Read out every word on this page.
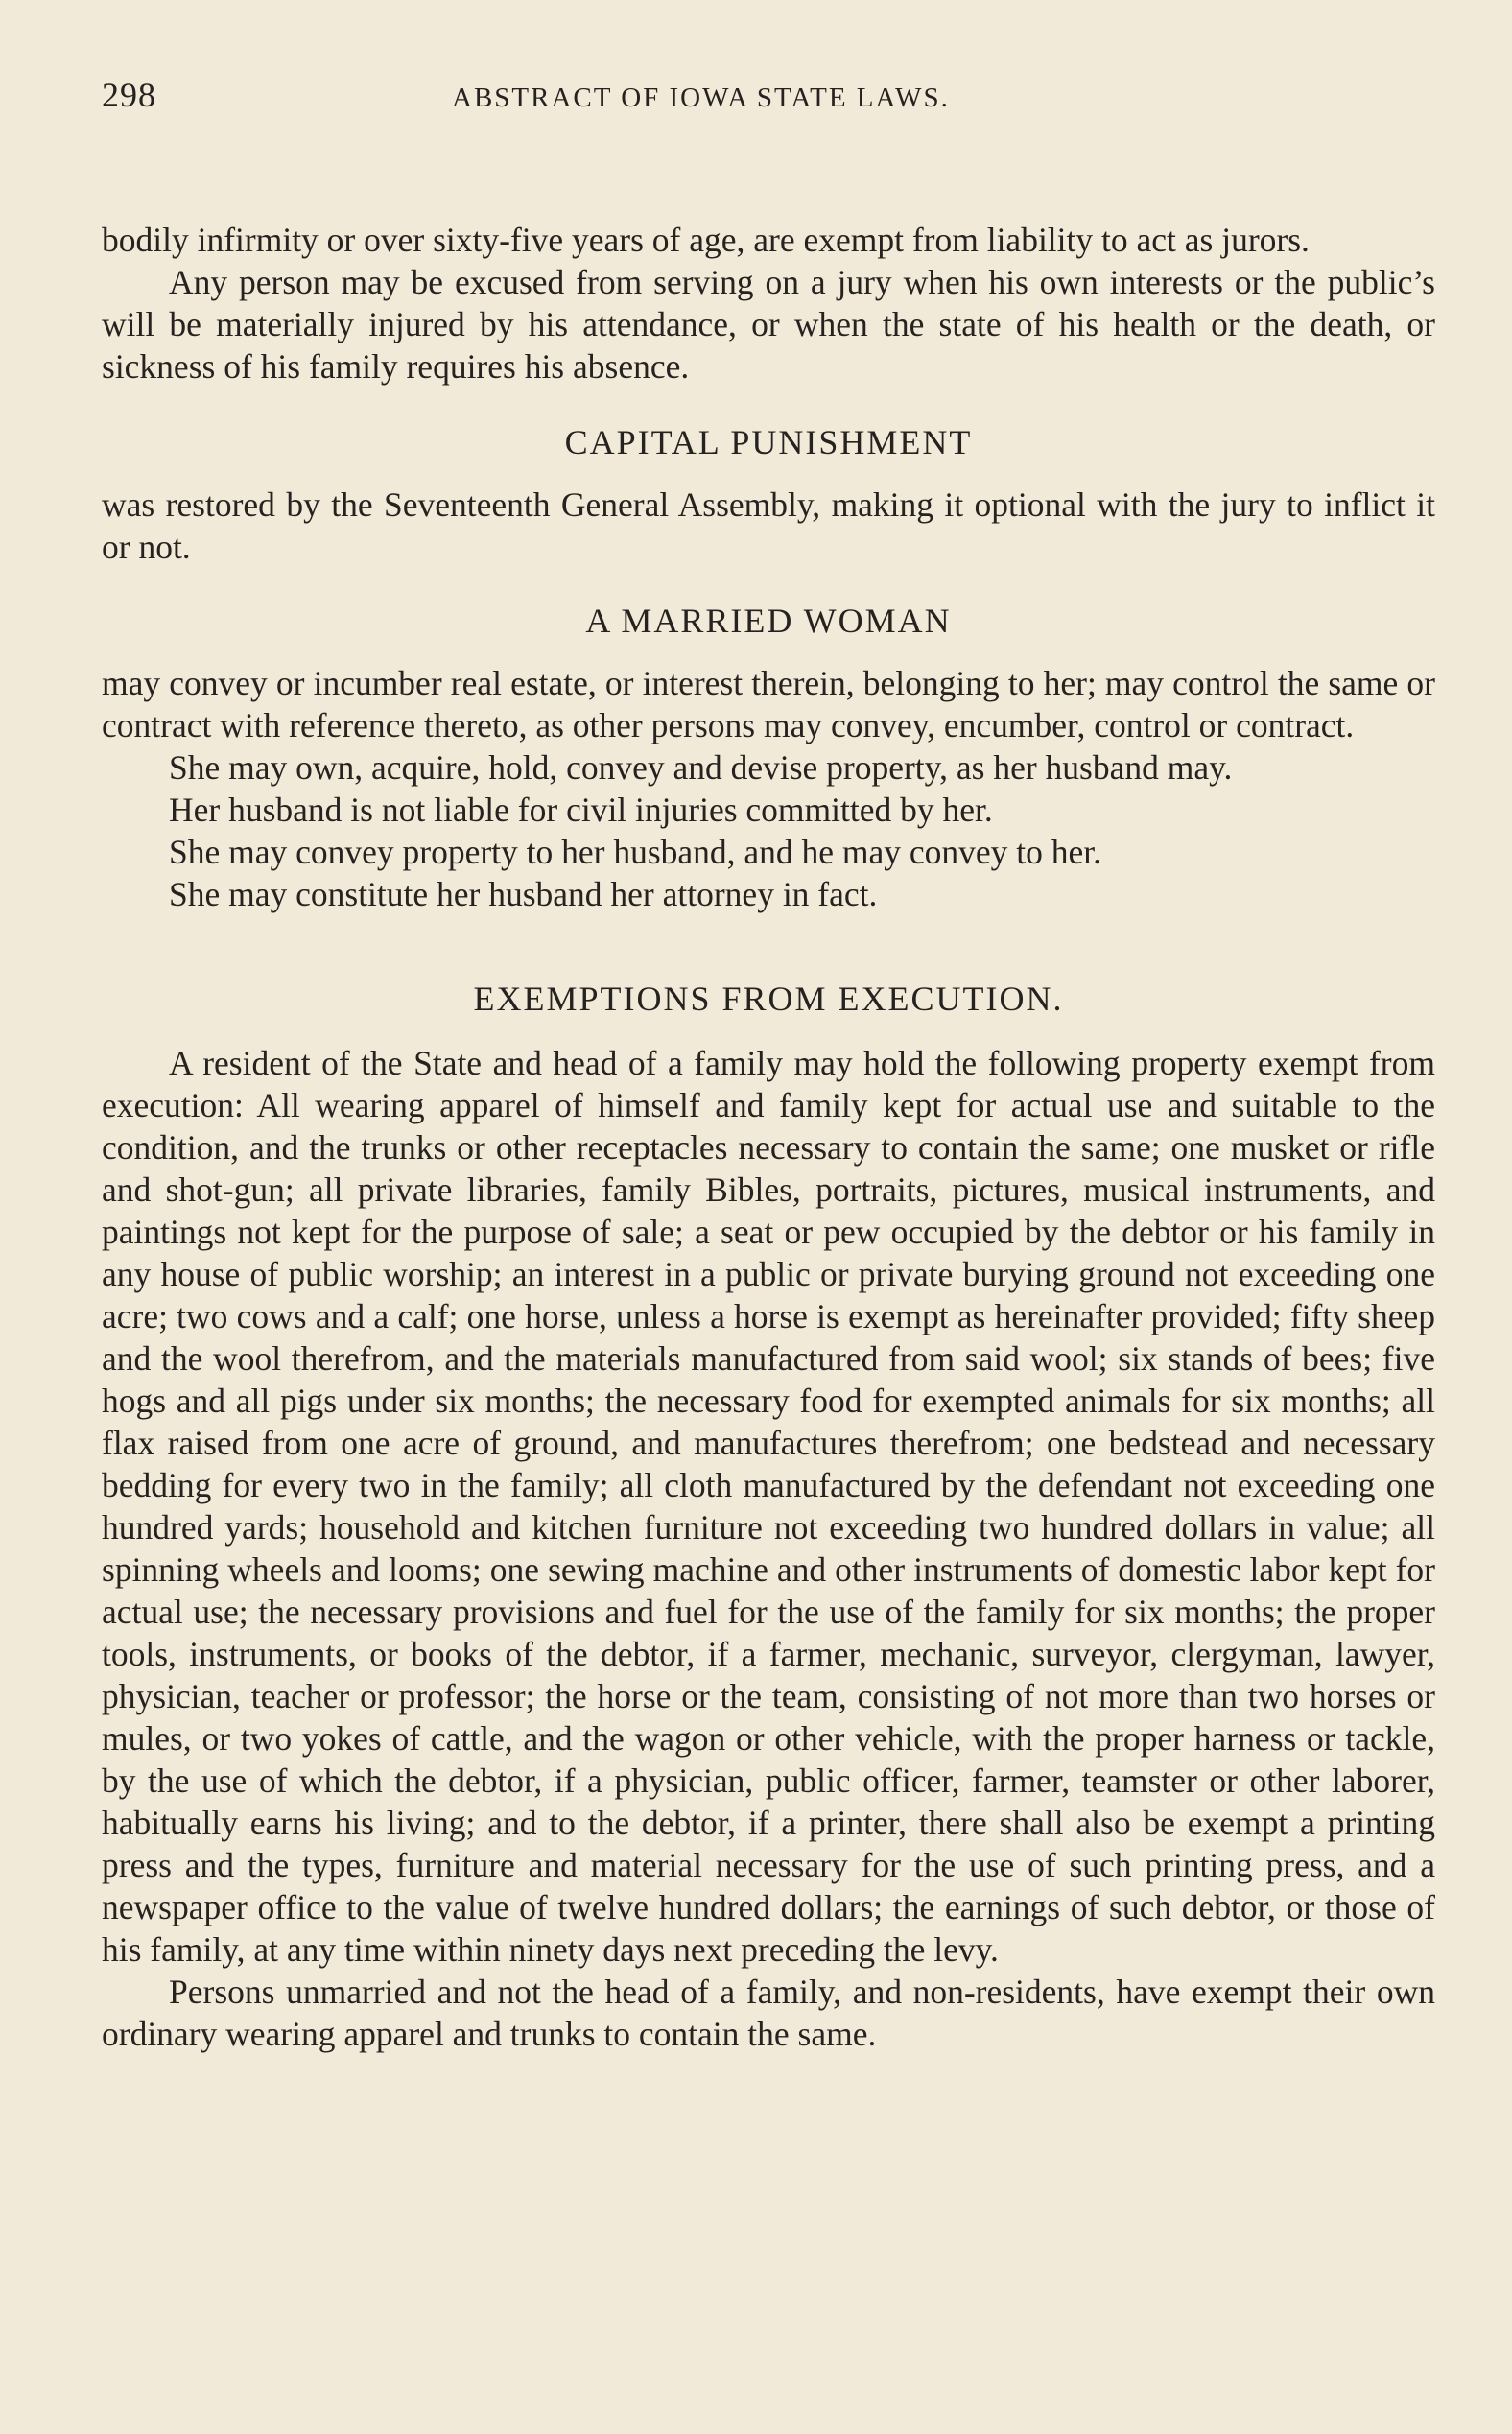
298	ABSTRACT OF IOWA STATE LAWS.

bodily infirmity or over sixty-five years of age, are exempt from liability to act as jurors.

Any person may be excused from serving on a jury when his own interests or the public’s will be materially injured by his attendance, or when the state of his health or the death, or sickness of his family requires his absence.

CAPITAL PUNISHMENT

was restored by the Seventeenth General Assembly, making it optional with the jury to inflict it or not.

A MARRIED WOMAN

may convey or incumber real estate, or interest therein, belonging to her; may control the same or contract with reference thereto, as other persons may convey, encumber, control or contract.

She may own, acquire, hold, convey and devise property, as her husband may.

Her husband is not liable for civil injuries committed by her.

She may convey property to her husband, and he may convey to her.

She may constitute her husband her attorney in fact.

EXEMPTIONS FROM EXECUTION.

A resident of the State and head of a family may hold the following property exempt from execution: All wearing apparel of himself and family kept for actual use and suitable to the condition, and the trunks or other receptacles necessary to contain the same; one musket or rifle and shot-gun; all private libraries, family Bibles, portraits, pictures, musical instruments, and paintings not kept for the purpose of sale; a seat or pew occupied by the debtor or his family in any house of public worship; an interest in a public or private burying ground not exceeding one acre; two cows and a calf; one horse, unless a horse is exempt as hereinafter provided; fifty sheep and the wool therefrom, and the materials manufactured from said wool; six stands of bees; five hogs and all pigs under six months; the necessary food for exempted animals for six months; all flax raised from one acre of ground, and manufactures therefrom; one bedstead and necessary bedding for every two in the family; all cloth manufactured by the defendant not exceeding one hundred yards; household and kitchen furniture not exceeding two hundred dollars in value; all spinning wheels and looms; one sewing machine and other instruments of domestic labor kept for actual use; the necessary provisions and fuel for the use of the family for six months; the proper tools, instruments, or books of the debtor, if a farmer, mechanic, surveyor, clergyman, lawyer, physician, teacher or professor; the horse or the team, consisting of not more than two horses or mules, or two yokes of cattle, and the wagon or other vehicle, with the proper harness or tackle, by the use of which the debtor, if a physician, public officer, farmer, teamster or other laborer, habitually earns his living; and to the debtor, if a printer, there shall also be exempt a printing press and the types, furniture and material necessary for the use of such printing press, and a newspaper office to the value of twelve hundred dollars; the earnings of such debtor, or those of his family, at any time within ninety days next preceding the levy.

Persons unmarried and not the head of a family, and non-residents, have exempt their own ordinary wearing apparel and trunks to contain the same.
